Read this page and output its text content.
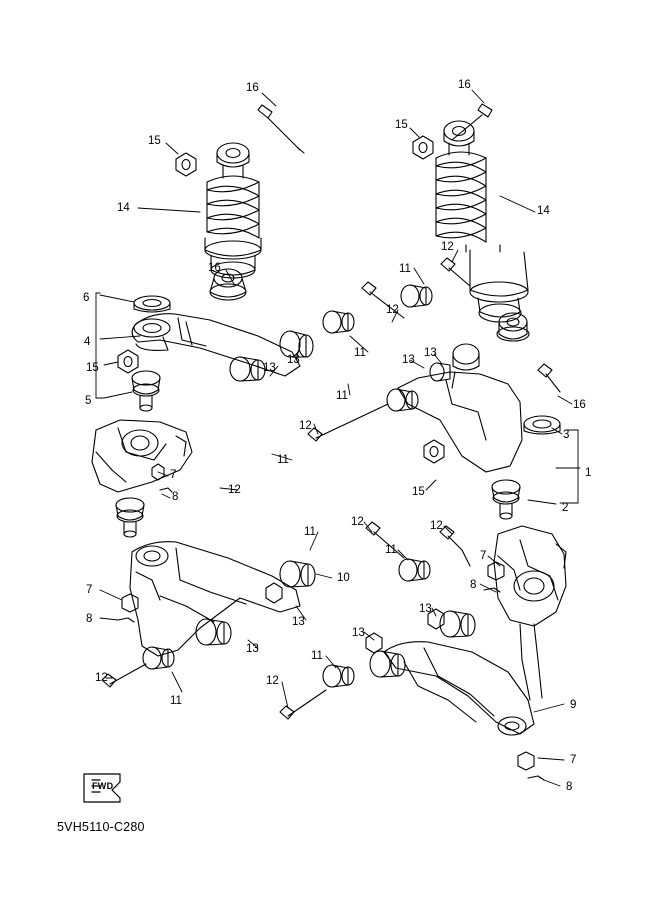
FWD
5VH5110-C280
16	16
15
15
14	14
16
6
12
11
12
4
11
13
13
15	13
13
16
5	11
12
3
11
1
15
7
12
8
2
11
12	12
11	7
10
8
7
13
13
13
8
13
11
12	12
11	9
7
8
